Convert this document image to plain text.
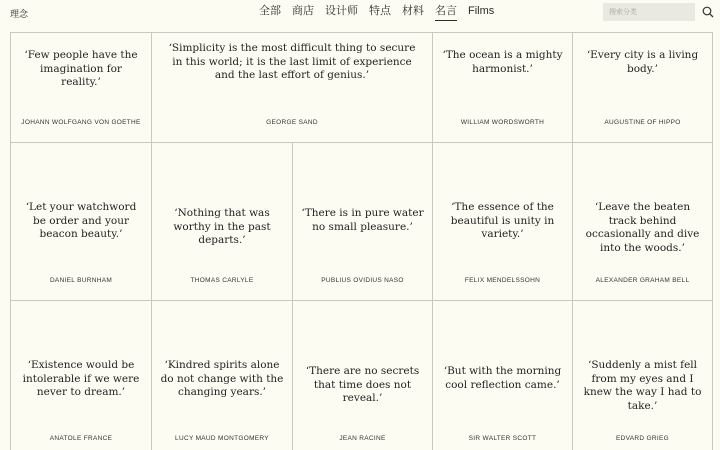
理念	全部 商店 设计师 特点 材料 名言 Films
搜索分类
‘Few people have the imagination for reality.’
JOHANN WOLFGANG VON GOETHE
‘Simplicity is the most difficult thing to secure in this world; it is the last limit of experience and the last effort of genius.’
GEORGE SAND
‘The ocean is a mighty harmonist.’
WILLIAM WORDSWORTH
‘Every city is a living body.’
AUGUSTINE OF HIPPO
‘Let your watchword be order and your beacon beauty.’
DANIEL BURNHAM
‘Nothing that was worthy in the past departs.’
THOMAS CARLYLE
‘There is in pure water no small pleasure.’
PUBLIUS OVIDIUS NASO
‘The essence of the beautiful is unity in variety.’
FELIX MENDELSSOHN
‘Leave the beaten track behind occasionally and dive into the woods.’
ALEXANDER GRAHAM BELL
‘Existence would be intolerable if we were never to dream.’
ANATOLE FRANCE
‘Kindred spirits alone do not change with the changing years.’
LUCY MAUD MONTGOMERY
‘There are no secrets that time does not reveal.’
JEAN RACINE
‘But with the morning cool reflection came.’
SIR WALTER SCOTT
‘Suddenly a mist fell from my eyes and I knew the way I had to take.’
EDVARD GRIEG
